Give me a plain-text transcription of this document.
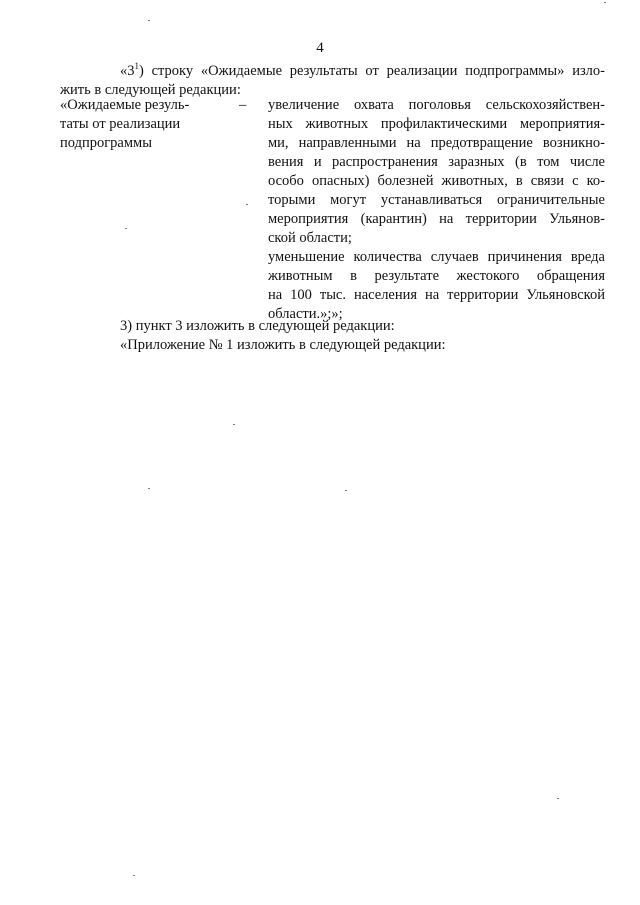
4
«$3^1$) строку «Ожидаемые результаты от реализации подпрограммы» изло-
жить в следующей редакции:
«Ожидаемые резуль-
таты от реализации
подпрограммы
– увеличение охвата поголовья сельскохозяйствен-
ных животных профилактическими мероприятия-
ми, направленными на предотвращение возникно-
вения и распространения заразных (в том числе
особо опасных) болезней животных, в связи с ко-
торыми могут устанавливаться ограничительные
мероприятия (карантин) на территории Ульянов-
ской области;
уменьшение количества случаев причинения вреда
животным в результате жестокого обращения
на 100 тыс. населения на территории Ульяновской
области.»;»;
3) пункт 3 изложить в следующей редакции:
«Приложение № 1 изложить в следующей редакции:
